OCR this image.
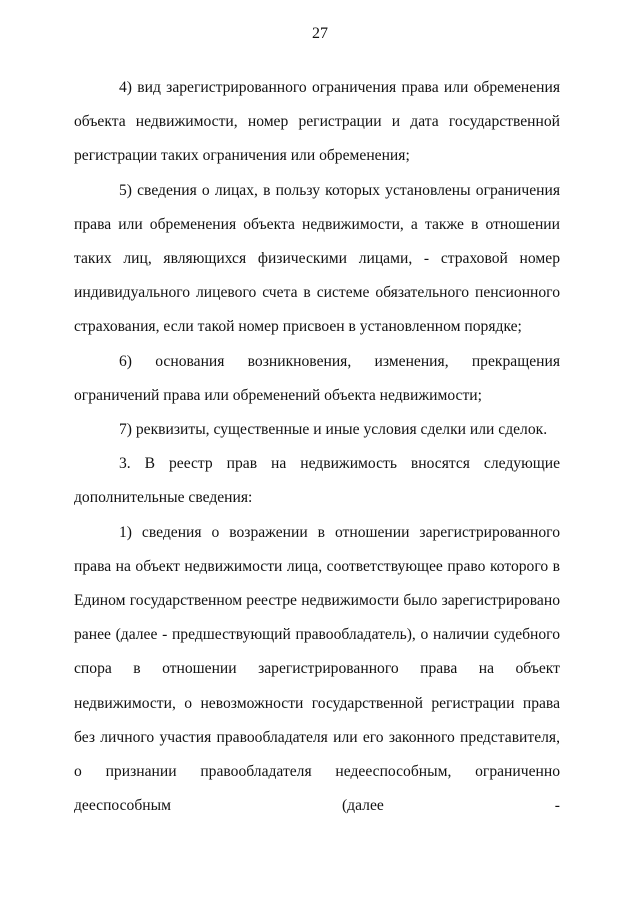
27

4) вид зарегистрированного ограничения права или обременения объекта недвижимости, номер регистрации и дата государственной регистрации таких ограничения или обременения;

5) сведения о лицах, в пользу которых установлены ограничения права или обременения объекта недвижимости, а также в отношении таких лиц, являющихся физическими лицами, - страховой номер индивидуального лицевого счета в системе обязательного пенсионного страхования, если такой номер присвоен в установленном порядке;

6) основания возникновения, изменения, прекращения ограничений права или обременений объекта недвижимости;

7) реквизиты, существенные и иные условия сделки или сделок.

3. В реестр прав на недвижимость вносятся следующие дополнительные сведения:

1) сведения о возражении в отношении зарегистрированного права на объект недвижимости лица, соответствующее право которого в Едином государственном реестре недвижимости было зарегистрировано ранее (далее - предшествующий правообладатель), о наличии судебного спора в отношении зарегистрированного права на объект недвижимости, о невозможности государственной регистрации права без личного участия правообладателя или его законного представителя, о признании правообладателя недееспособным, ограниченно дееспособным (далее -
